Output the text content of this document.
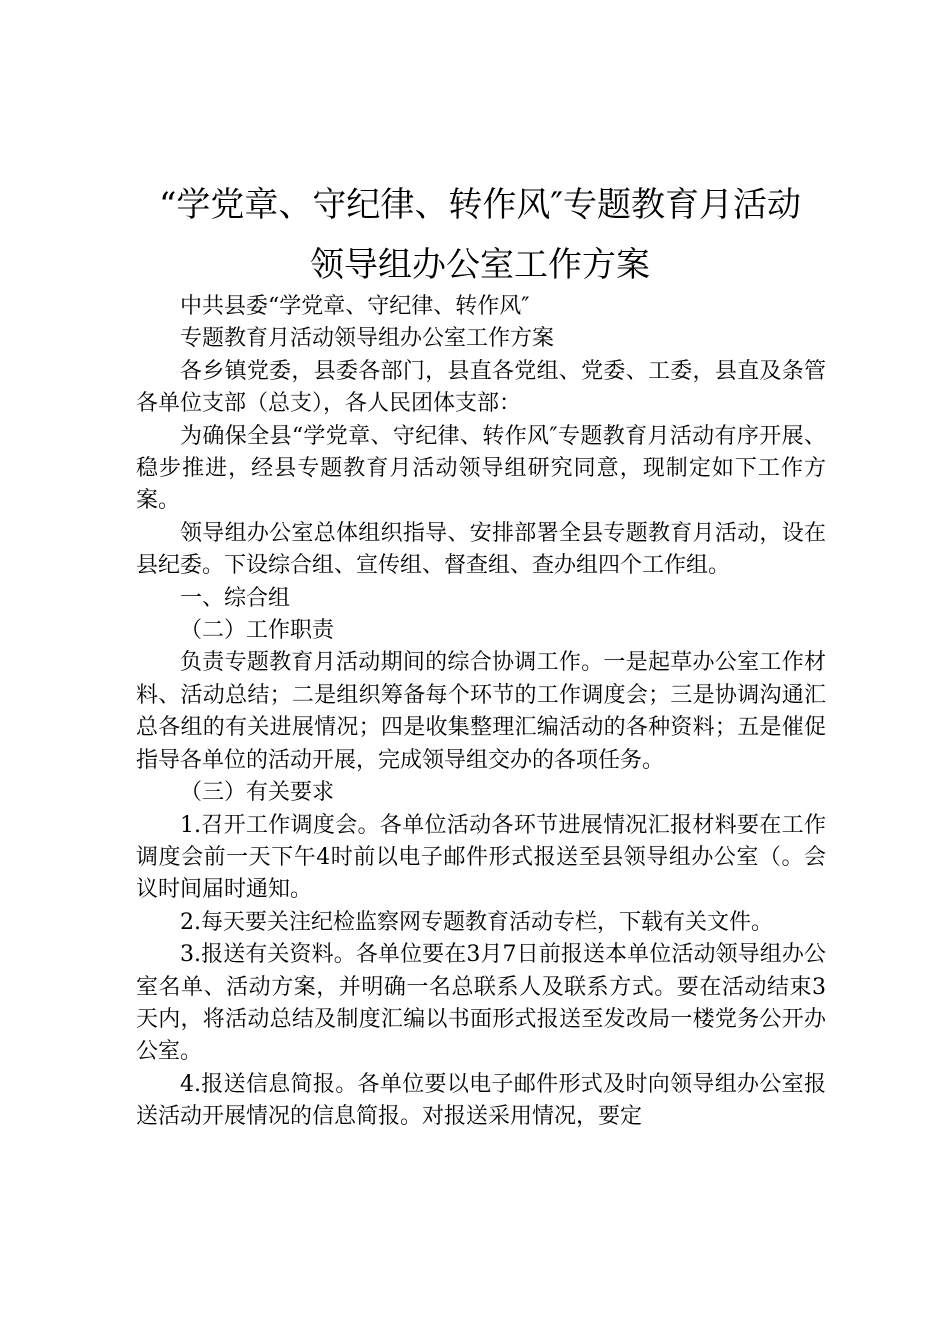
“学党章、守纪律、转作风″专题教育月活动
领导组办公室工作方案

中共县委“学党章、守纪律、转作风″

专题教育月活动领导组办公室工作方案

各乡镇党委，县委各部门，县直各党组、党委、工委，县直及条管各单位支部（总支），各人民团体支部：

为确保全县“学党章、守纪律、转作风″专题教育月活动有序开展、稳步推进，经县专题教育月活动领导组研究同意，现制定如下工作方案。

领导组办公室总体组织指导、安排部署全县专题教育月活动，设在县纪委。下设综合组、宣传组、督查组、查办组四个工作组。

一、综合组

（二）工作职责

负责专题教育月活动期间的综合协调工作。一是起草办公室工作材料、活动总结；二是组织筹备每个环节的工作调度会；三是协调沟通汇总各组的有关进展情况；四是收集整理汇编活动的各种资料；五是催促指导各单位的活动开展，完成领导组交办的各项任务。

（三）有关要求

1.召开工作调度会。各单位活动各环节进展情况汇报材料要在工作调度会前一天下午4时前以电子邮件形式报送至县领导组办公室（。会议时间届时通知。

2.每天要关注纪检监察网专题教育活动专栏，下载有关文件。

3.报送有关资料。各单位要在3月7日前报送本单位活动领导组办公室名单、活动方案，并明确一名总联系人及联系方式。要在活动结束3天内，将活动总结及制度汇编以书面形式报送至发改局一楼党务公开办公室。

4.报送信息简报。各单位要以电子邮件形式及时向领导组办公室报送活动开展情况的信息简报。对报送采用情况，要定
